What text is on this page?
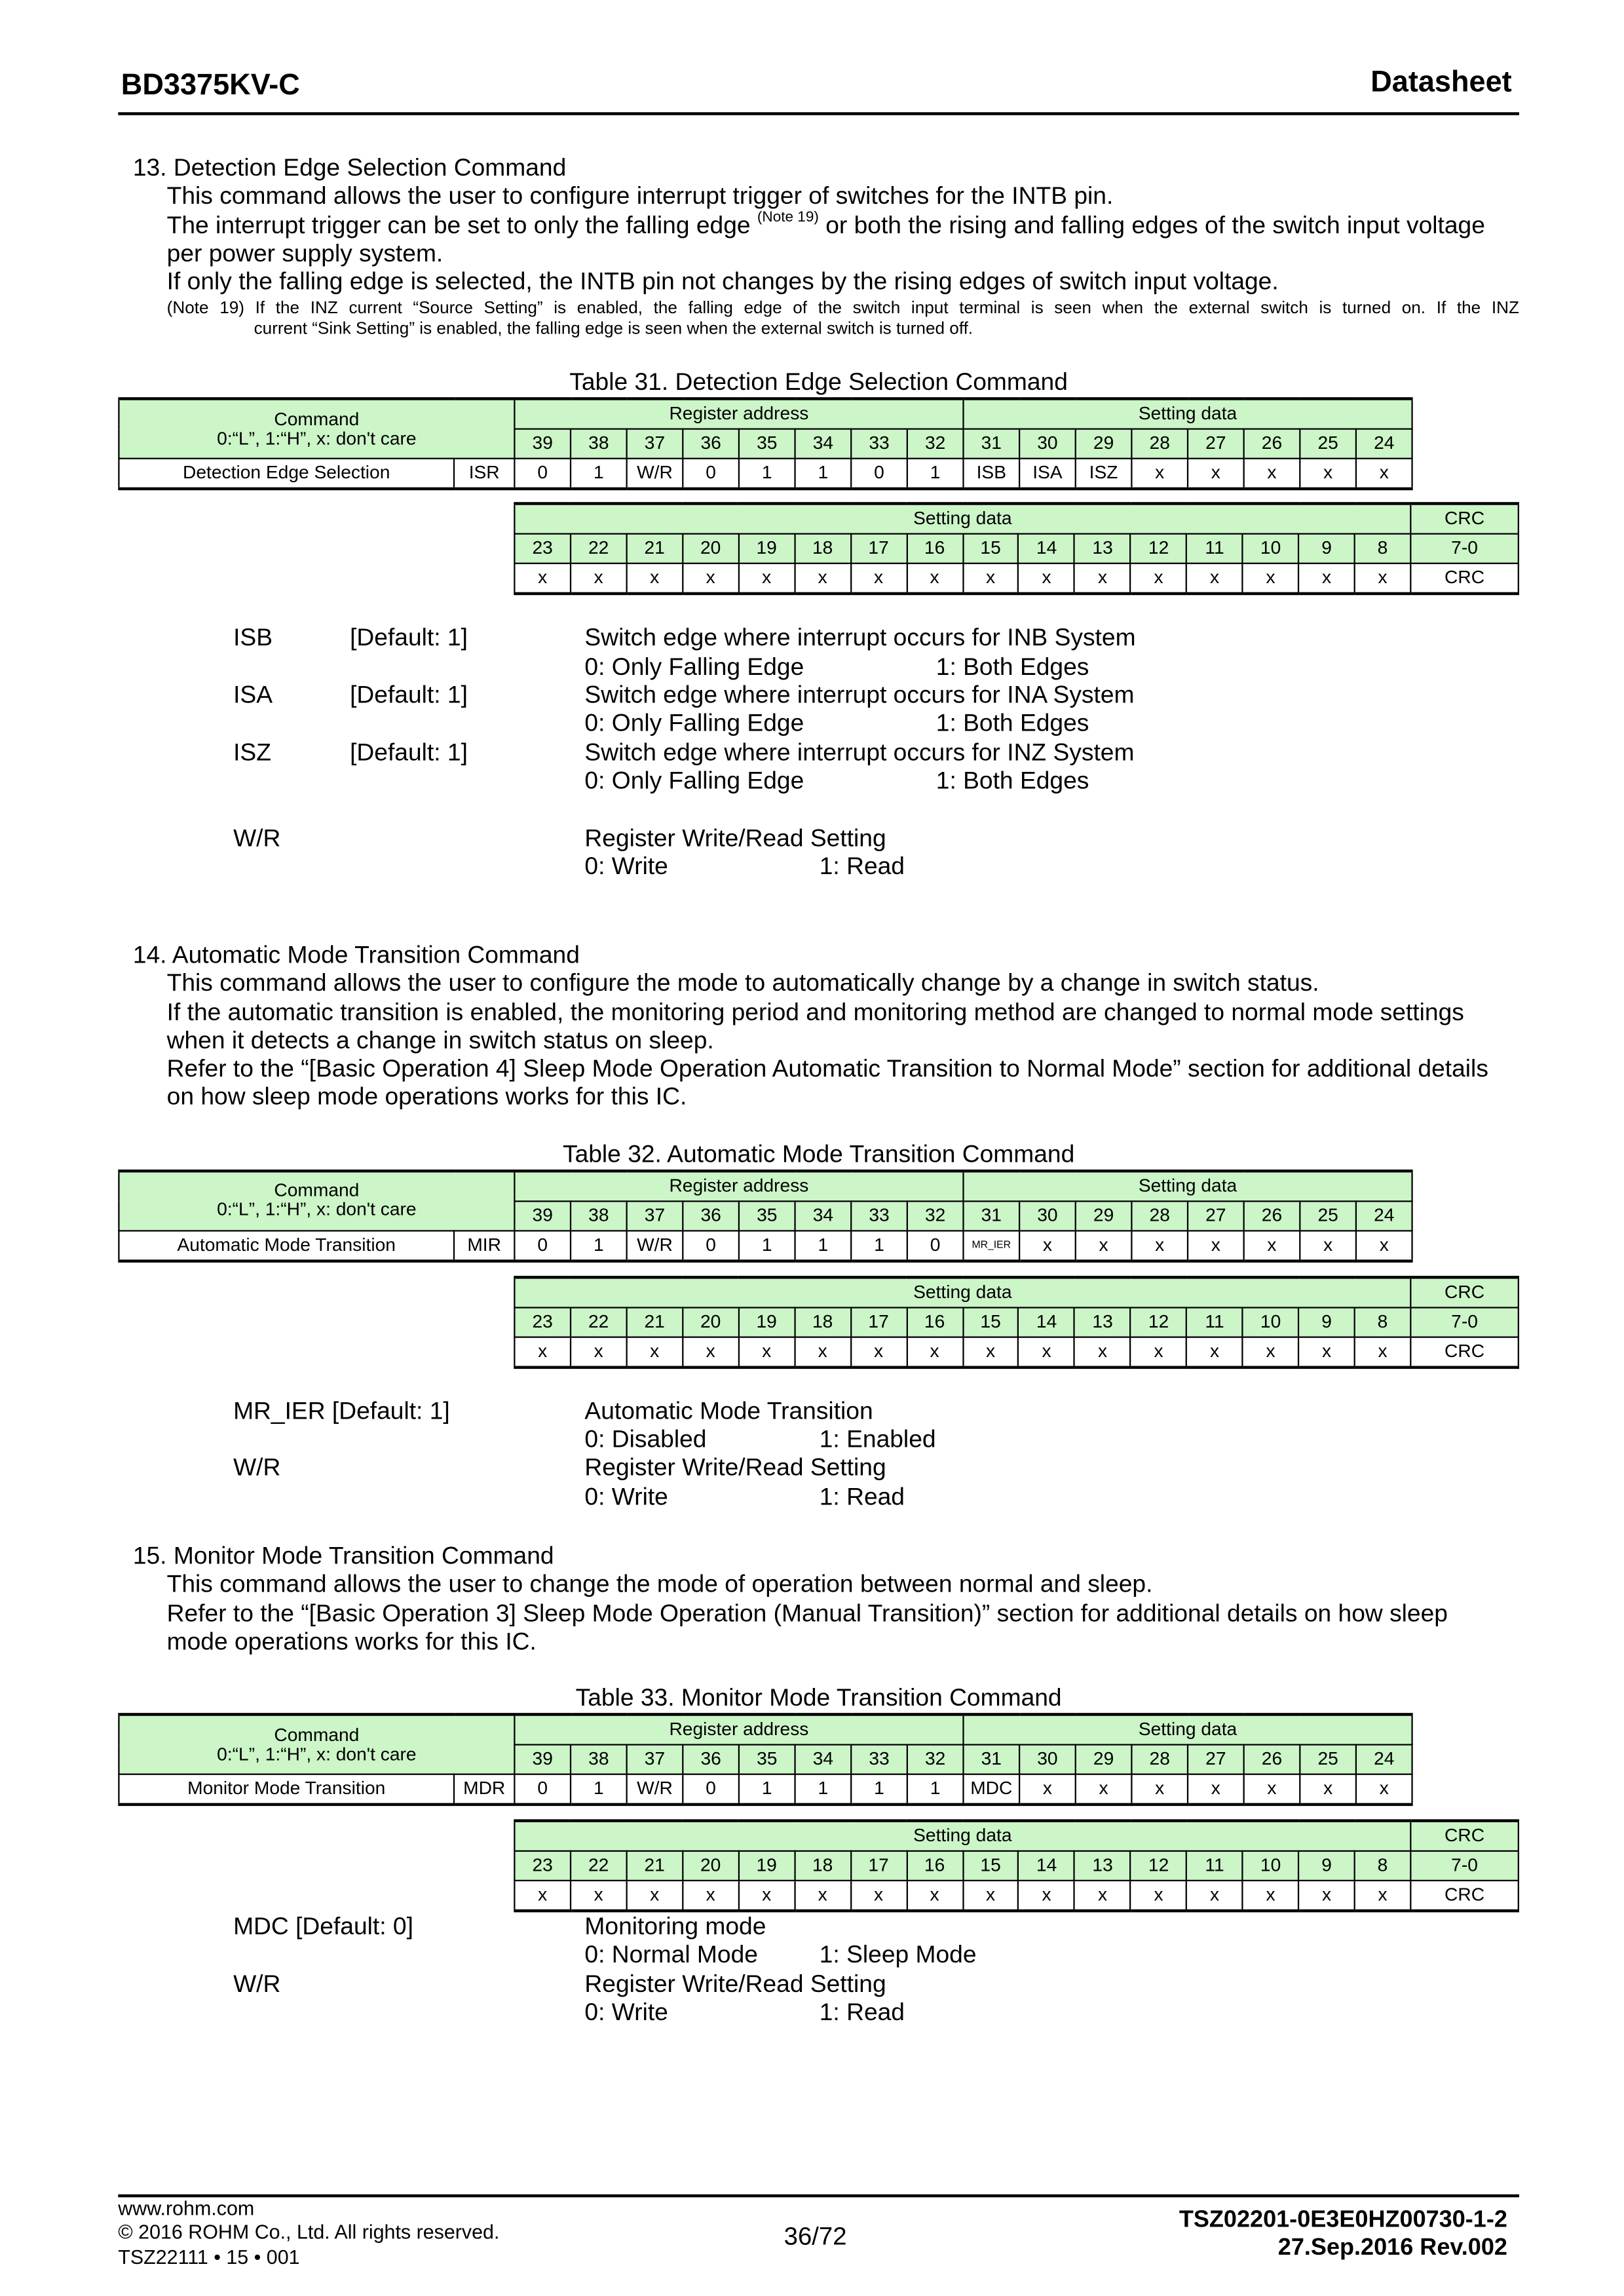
BD3375KV-C	Datasheet
13. Detection Edge Selection Command
This command allows the user to configure interrupt trigger of switches for the INTB pin.
The interrupt trigger can be set to only the falling edge $^{(Note 19)}$ or both the rising and falling edges of the switch input voltage
per power supply system.
If only the falling edge is selected, the INTB pin not changes by the rising edges of switch input voltage.
(Note 19) If the INZ current “Source Setting” is enabled, the falling edge of the switch input terminal is seen when the external switch is turned on. If the INZ
current “Sink Setting” is enabled, the falling edge is seen when the external switch is turned off.
Table 31. Detection Edge Selection Command
Command
0:“L”, 1:“H”, x: don't care		Register address								Setting data							
		39	38	37	36	35	34	33	32	31	30	29	28	27	26	25	24
Detection Edge Selection	ISR	0	1	W/R	0	1	1	0	1	ISB	ISA	ISZ	x	x	x	x	x
Setting data																CRC
23	22	21	20	19	18	17	16	15	14	13	12	11	10	9	8	7-0
x	x	x	x	x	x	x	x	x	x	x	x	x	x	x	x	CRC
ISB	[Default: 1]	Switch edge where interrupt occurs for INB System
0: Only Falling Edge	1: Both Edges
ISA	[Default: 1]	Switch edge where interrupt occurs for INA System
0: Only Falling Edge	1: Both Edges
ISZ	[Default: 1]	Switch edge where interrupt occurs for INZ System
0: Only Falling Edge	1: Both Edges
W/R	Register Write/Read Setting
0: Write	1: Read
14. Automatic Mode Transition Command
This command allows the user to configure the mode to automatically change by a change in switch status.
If the automatic transition is enabled, the monitoring period and monitoring method are changed to normal mode settings
when it detects a change in switch status on sleep.
Refer to the “[Basic Operation 4] Sleep Mode Operation Automatic Transition to Normal Mode” section for additional details
on how sleep mode operations works for this IC.
Table 32. Automatic Mode Transition Command
Command
0:“L”, 1:“H”, x: don't care		Register address								Setting data							
		39	38	37	36	35	34	33	32	31	30	29	28	27	26	25	24
Automatic Mode Transition	MIR	0	1	W/R	0	1	1	1	0	MR_IER	x	x	x	x	x	x	x
Setting data																CRC
23	22	21	20	19	18	17	16	15	14	13	12	11	10	9	8	7-0
x	x	x	x	x	x	x	x	x	x	x	x	x	x	x	x	CRC
MR_IER [Default: 1]	Automatic Mode Transition
0: Disabled	1: Enabled
W/R	Register Write/Read Setting
0: Write	1: Read
15. Monitor Mode Transition Command
This command allows the user to change the mode of operation between normal and sleep.
Refer to the “[Basic Operation 3] Sleep Mode Operation (Manual Transition)” section for additional details on how sleep
mode operations works for this IC.
Table 33. Monitor Mode Transition Command
Command
0:“L”, 1:“H”, x: don't care		Register address								Setting data							
		39	38	37	36	35	34	33	32	31	30	29	28	27	26	25	24
Monitor Mode Transition	MDR	0	1	W/R	0	1	1	1	1	MDC	x	x	x	x	x	x	x
Setting data																CRC
23	22	21	20	19	18	17	16	15	14	13	12	11	10	9	8	7-0
x	x	x	x	x	x	x	x	x	x	x	x	x	x	x	x	CRC
MDC [Default: 0]	Monitoring mode
0: Normal Mode	1: Sleep Mode
W/R	Register Write/Read Setting
0: Write	1: Read
www.rohm.com
© 2016 ROHM Co., Ltd. All rights reserved.
TSZ22111 • 15 • 001
36/72
TSZ02201-0E3E0HZ00730-1-2
27.Sep.2016 Rev.002
